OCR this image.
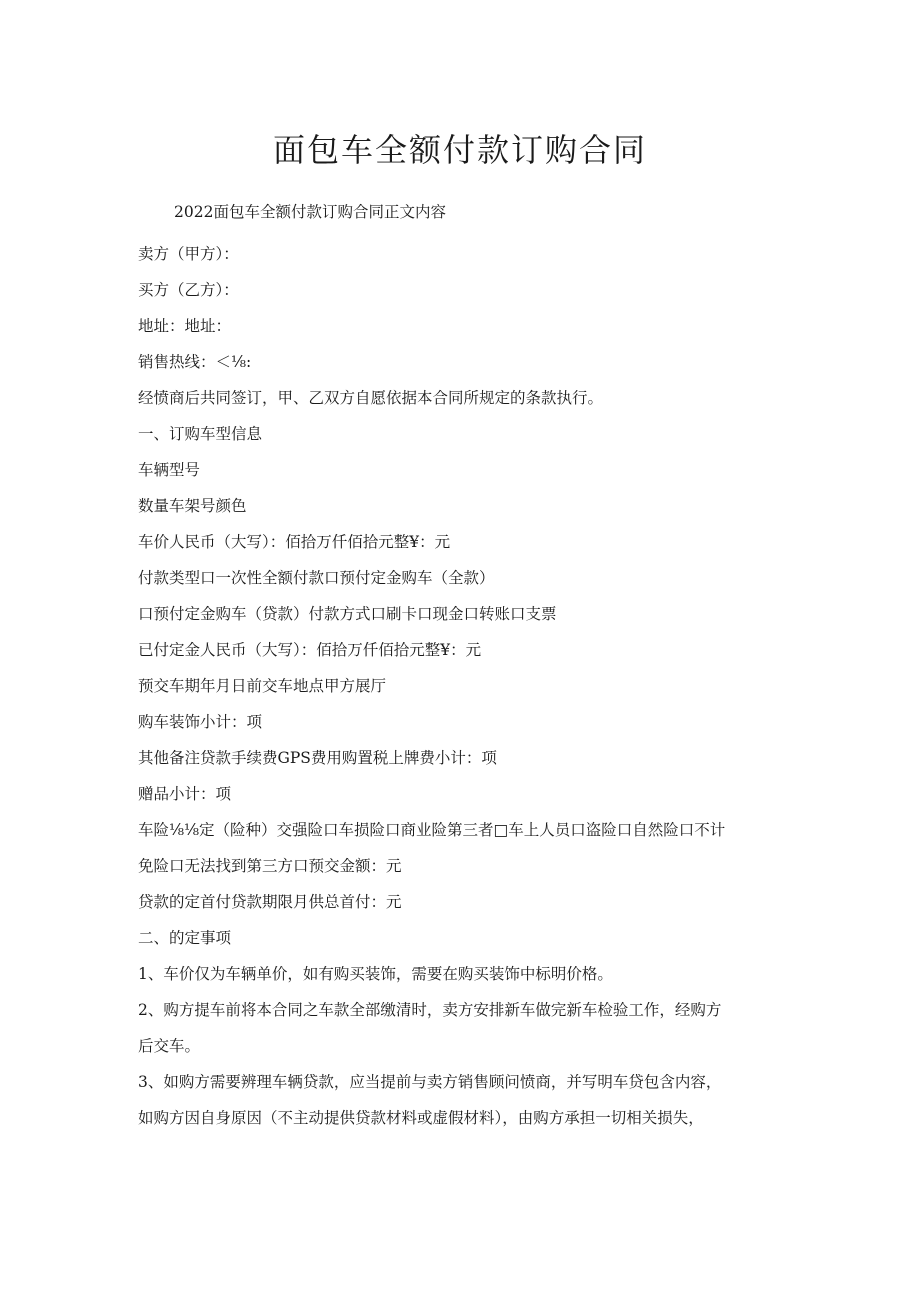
面包车全额付款订购合同

2022面包车全额付款订购合同正文内容

卖方（甲方）：

买方（乙方）：

地址：地址：

销售热线：＜⅛:

经愤商后共同签订，甲、乙双方自愿依据本合同所规定的条款执行。

一、订购车型信息

车辆型号

数量车架号颜色

车价人民币（大写）：佰拾万仟佰拾元整¥：元

付款类型口一次性全额付款口预付定金购车（全款）

口预付定金购车（贷款）付款方式口刷卡口现金口转账口支票

已付定金人民币（大写）：佰拾万仟佰拾元整¥：元

预交车期年月日前交车地点甲方展厅

购车装饰小计：项

其他备注贷款手续费GPS费用购置税上牌费小计：项

赠品小计：项

车险⅛⅛定（险种）交强险口车损险口商业险第三者□车上人员口盗险口自然险口不计

免险口无法找到第三方口预交金额：元

贷款的定首付贷款期限月供总首付：元

二、的定事项

1、车价仅为车辆单价，如有购买装饰，需要在购买装饰中标明价格。

2、购方提车前将本合同之车款全部缴清时，卖方安排新车做完新车检验工作，经购方

后交车。

3、如购方需要辨理车辆贷款，应当提前与卖方销售顾问愤商，并写明车贷包含内容，

如购方因自身原因（不主动提供贷款材料或虚假材料），由购方承担一切相关损失，
